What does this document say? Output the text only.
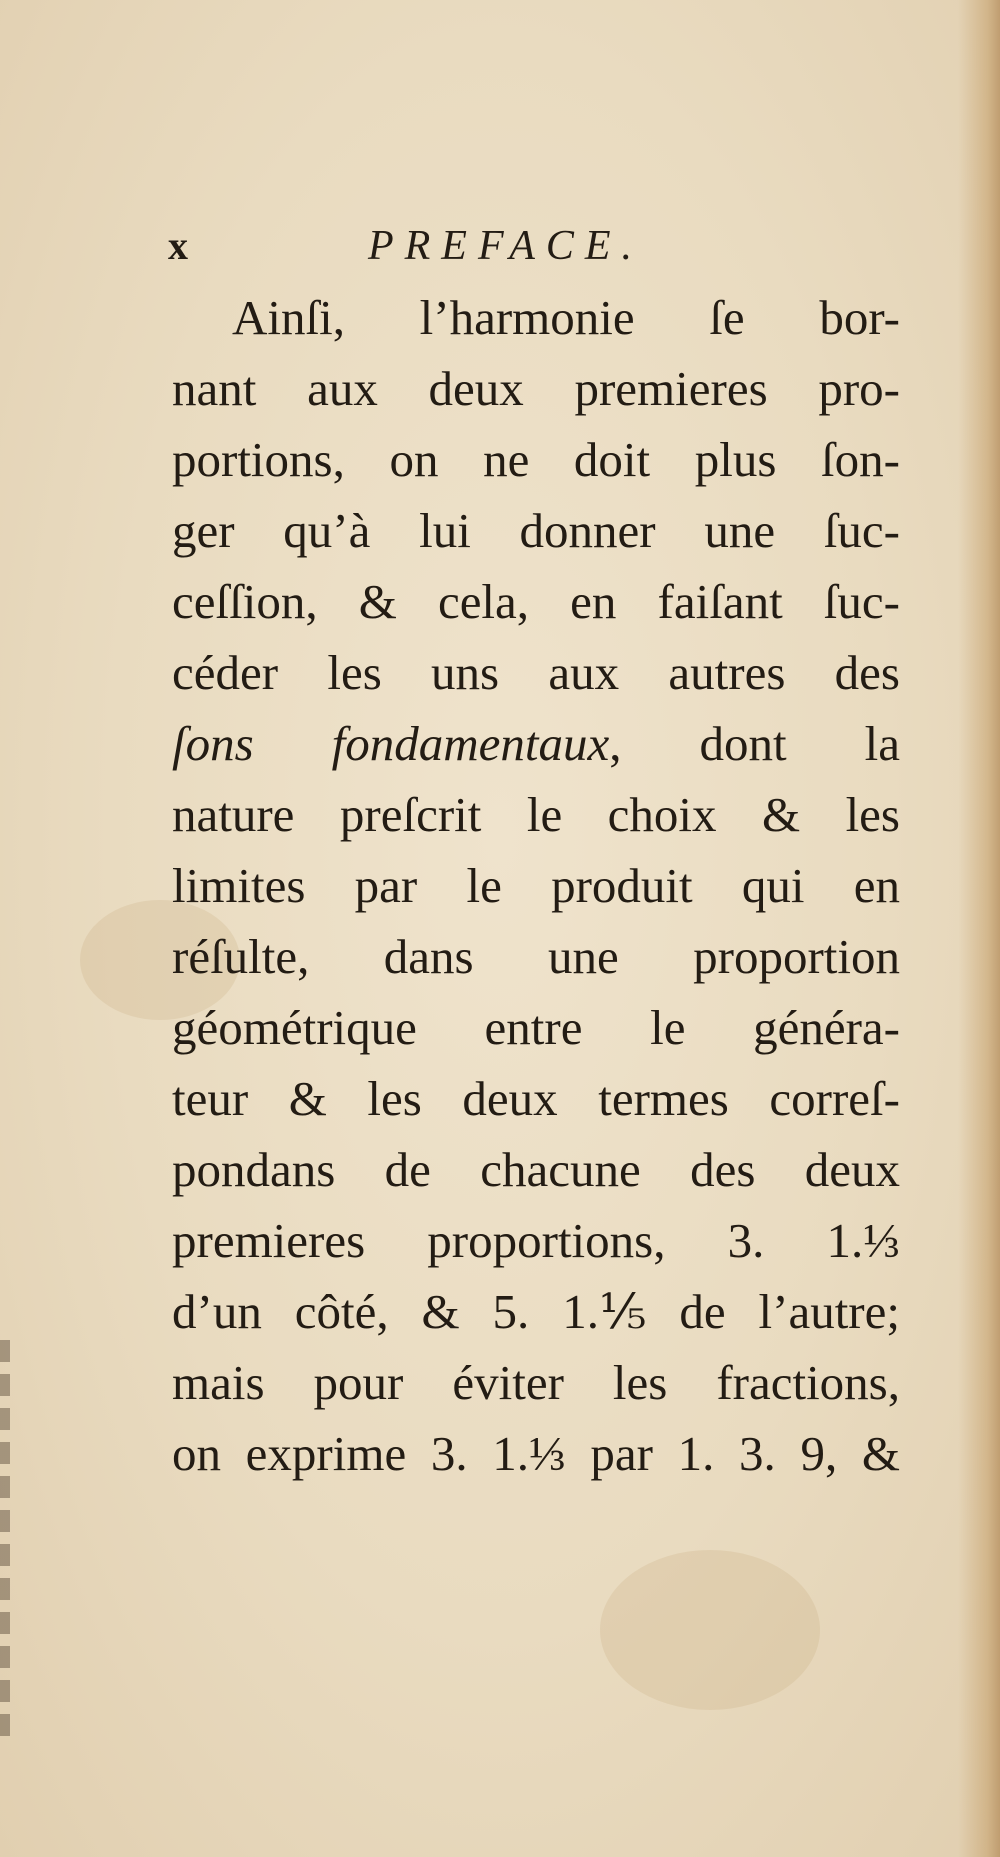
x	PREFACE.
Ainſi, l’harmonie ſe bor-
nant aux deux premieres pro-
portions, on ne doit plus ſon-
ger qu’à lui donner une ſuc-
ceſſion, & cela, en faiſant ſuc-
céder les uns aux autres des
ſons fondamentaux, dont la
nature preſcrit le choix & les
limites par le produit qui en
réſulte, dans une proportion
géométrique entre le généra-
teur & les deux termes correſ-
pondans de chacune des deux
premieres proportions, 3. 1.⅓
d’un côté, & 5. 1.⅕ de l’autre;
mais pour éviter les fractions,
on exprime 3. 1.⅓ par 1. 3. 9, &
